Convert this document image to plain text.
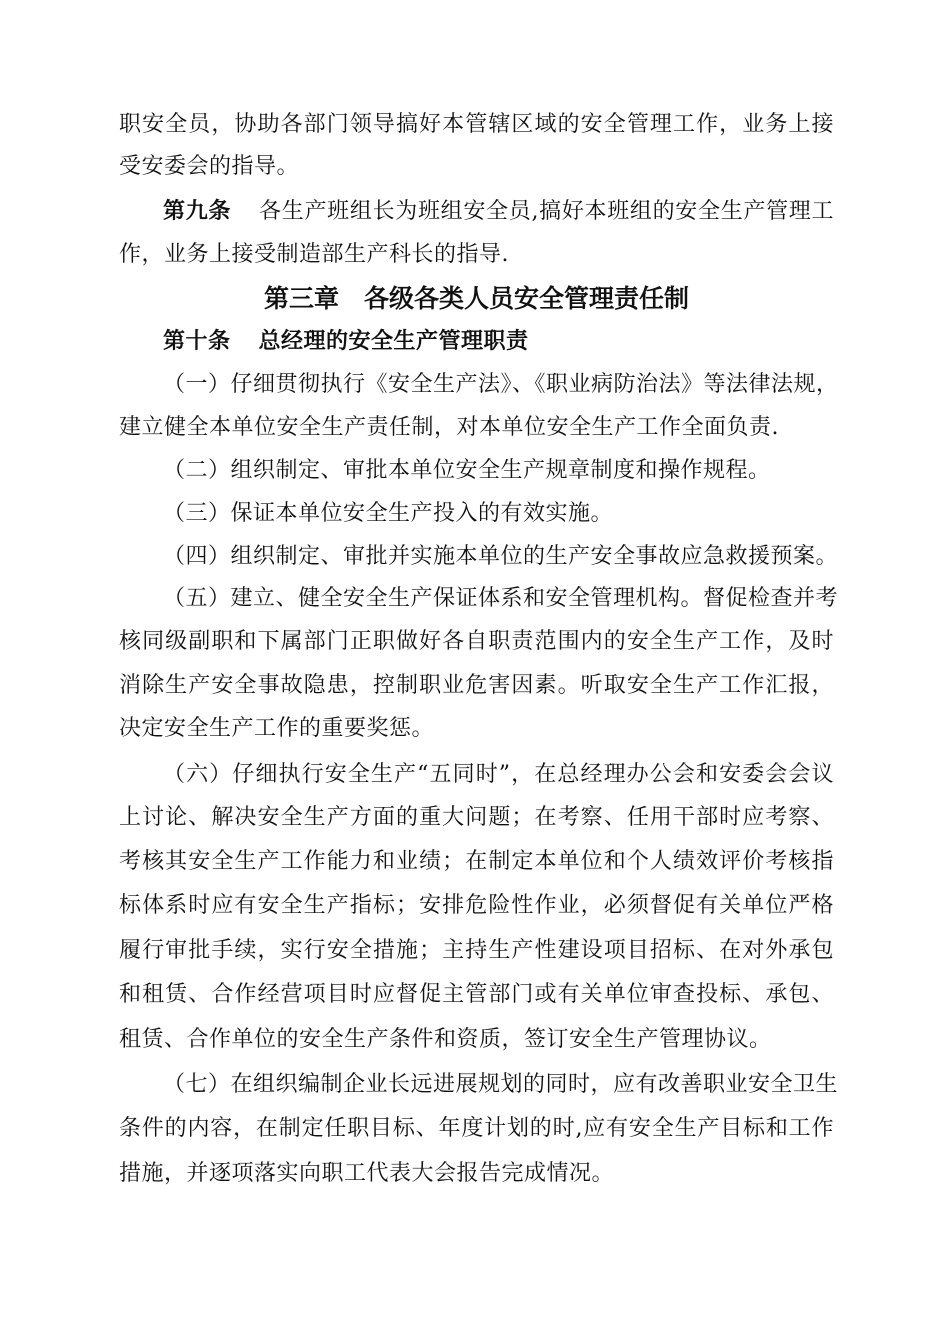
职安全员，协助各部门领导搞好本管辖区域的安全管理工作，业务上接
受安委会的指导。
第九条 各生产班组长为班组安全员,搞好本班组的安全生产管理工
作，业务上接受制造部生产科长的指导.
第三章　各级各类人员安全管理责任制
第十条 总经理的安全生产管理职责
（一）仔细贯彻执行《安全生产法》、《职业病防治法》等法律法规，
建立健全本单位安全生产责任制，对本单位安全生产工作全面负责.
（二）组织制定、审批本单位安全生产规章制度和操作规程。
（三）保证本单位安全生产投入的有效实施。
（四）组织制定、审批并实施本单位的生产安全事故应急救援预案。
（五）建立、健全安全生产保证体系和安全管理机构。督促检查并考
核同级副职和下属部门正职做好各自职责范围内的安全生产工作，及时
消除生产安全事故隐患，控制职业危害因素。听取安全生产工作汇报，
决定安全生产工作的重要奖惩。
（六）仔细执行安全生产“五同时”，在总经理办公会和安委会会议
上讨论、解决安全生产方面的重大问题；在考察、任用干部时应考察、
考核其安全生产工作能力和业绩；在制定本单位和个人绩效评价考核指
标体系时应有安全生产指标；安排危险性作业，必须督促有关单位严格
履行审批手续，实行安全措施；主持生产性建设项目招标、在对外承包
和租赁、合作经营项目时应督促主管部门或有关单位审查投标、承包、
租赁、合作单位的安全生产条件和资质，签订安全生产管理协议。
（七）在组织编制企业长远进展规划的同时，应有改善职业安全卫生
条件的内容，在制定任职目标、年度计划的时,应有安全生产目标和工作
措施，并逐项落实向职工代表大会报告完成情况。
